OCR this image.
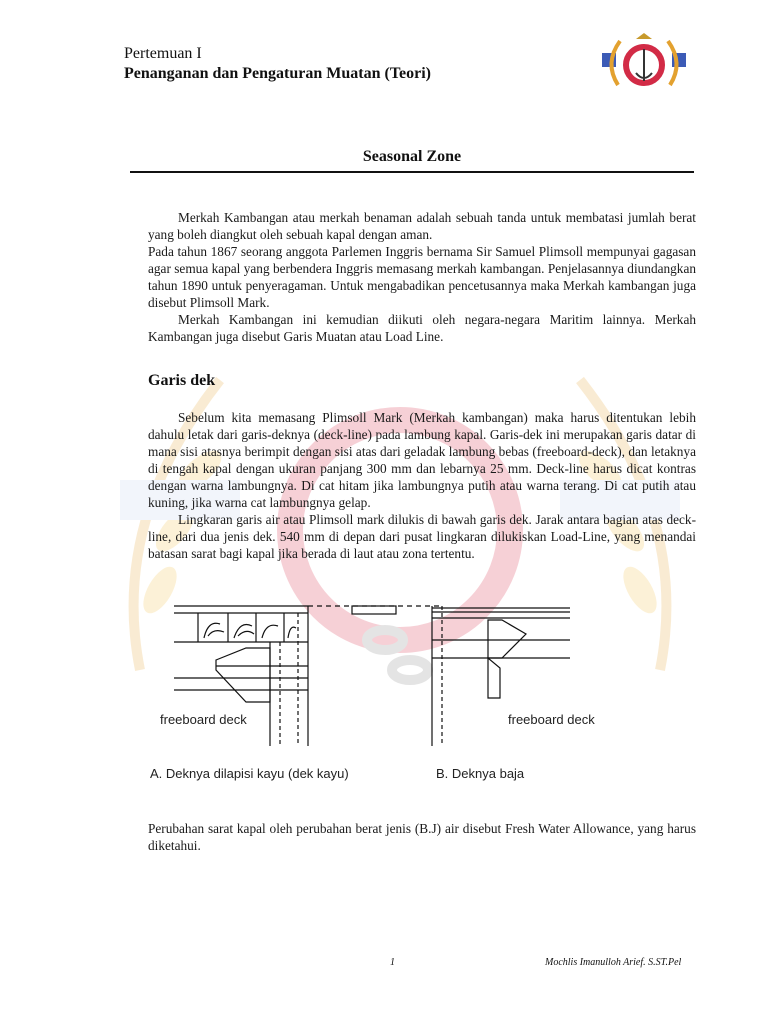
Pertemuan I
Penanganan dan Pengaturan Muatan (Teori)
Seasonal Zone

Merkah Kambangan atau merkah benaman adalah sebuah tanda untuk membatasi jumlah berat yang boleh diangkut oleh sebuah kapal dengan aman.

Pada tahun 1867 seorang anggota Parlemen Inggris bernama Sir Samuel Plimsoll mempunyai gagasan agar semua kapal yang berbendera Inggris memasang merkah kambangan. Penjelasannya diundangkan tahun 1890 untuk penyeragaman. Untuk mengabadikan pencetusannya maka Merkah kambangan juga disebut Plimsoll Mark.

Merkah Kambangan ini kemudian diikuti oleh negara-negara Maritim lainnya. Merkah Kambangan juga disebut Garis Muatan atau Load Line.

Garis dek

Sebelum kita memasang Plimsoll Mark (Merkah kambangan) maka harus ditentukan lebih dahulu letak dari garis-deknya (deck-line) pada lambung kapal. Garis-dek ini merupakan garis datar di mana sisi atasnya berimpit dengan sisi atas dari geladak lambung bebas (freeboard-deck), dan letaknya di tengah kapal dengan ukuran panjang 300 mm dan lebarnya 25 mm. Deck-line harus dicat kontras dengan warna lambungnya. Di cat hitam jika lambungnya putih atau warna terang. Di cat putih atau kuning, jika warna cat lambungnya gelap.

Lingkaran garis air atau Plimsoll mark dilukis di bawah garis dek. Jarak antara bagian atas deck-line, dari dua jenis dek. 540 mm di depan dari pusat lingkaran dilukiskan Load-Line, yang menandai batasan sarat bagi kapal jika berada di laut atau zona tertentu.

freeboard deck	freeboard deck
A. Deknya dilapisi kayu (dek kayu)	B. Deknya baja
Perubahan sarat kapal oleh perubahan berat jenis (B.J) air disebut Fresh Water Allowance, yang harus diketahui.
1	Mochlis Imanulloh Arief. S.ST.Pel
